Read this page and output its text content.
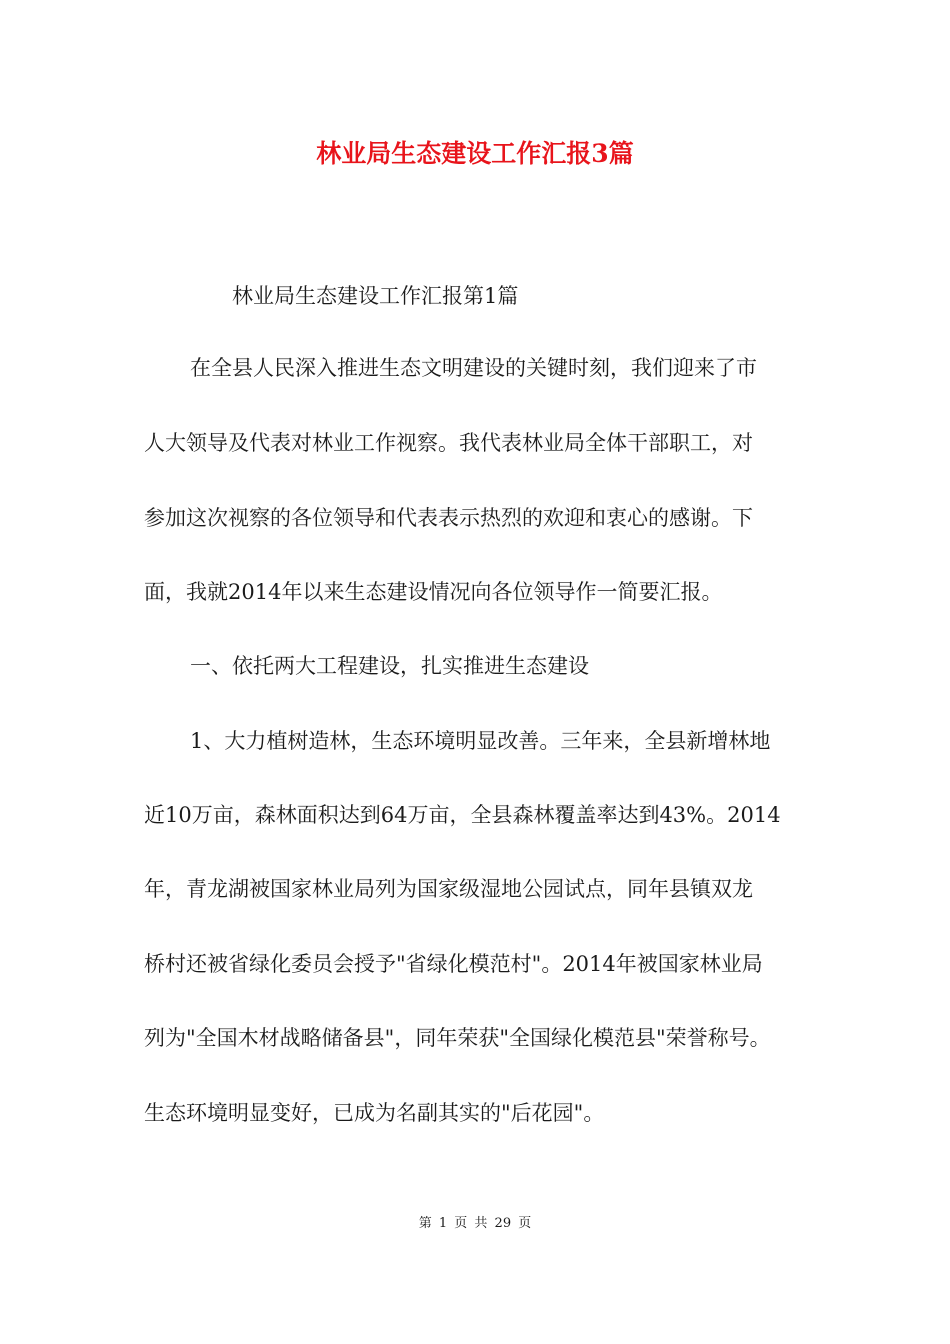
林业局生态建设工作汇报3篇
林业局生态建设工作汇报第1篇
在全县人民深入推进生态文明建设的关键时刻，我们迎来了市
人大领导及代表对林业工作视察。我代表林业局全体干部职工，对
参加这次视察的各位领导和代表表示热烈的欢迎和衷心的感谢。下
面，我就2014年以来生态建设情况向各位领导作一简要汇报。
一、依托两大工程建设，扎实推进生态建设
1、大力植树造林，生态环境明显改善。三年来，全县新增林地
近10万亩，森林面积达到64万亩，全县森林覆盖率达到43%。2014
年，青龙湖被国家林业局列为国家级湿地公园试点，同年县镇双龙
桥村还被省绿化委员会授予"省绿化模范村"。2014年被国家林业局
列为"全国木材战略储备县"，同年荣获"全国绿化模范县"荣誉称号。
生态环境明显变好，已成为名副其实的"后花园"。
第 1 页 共 29 页
